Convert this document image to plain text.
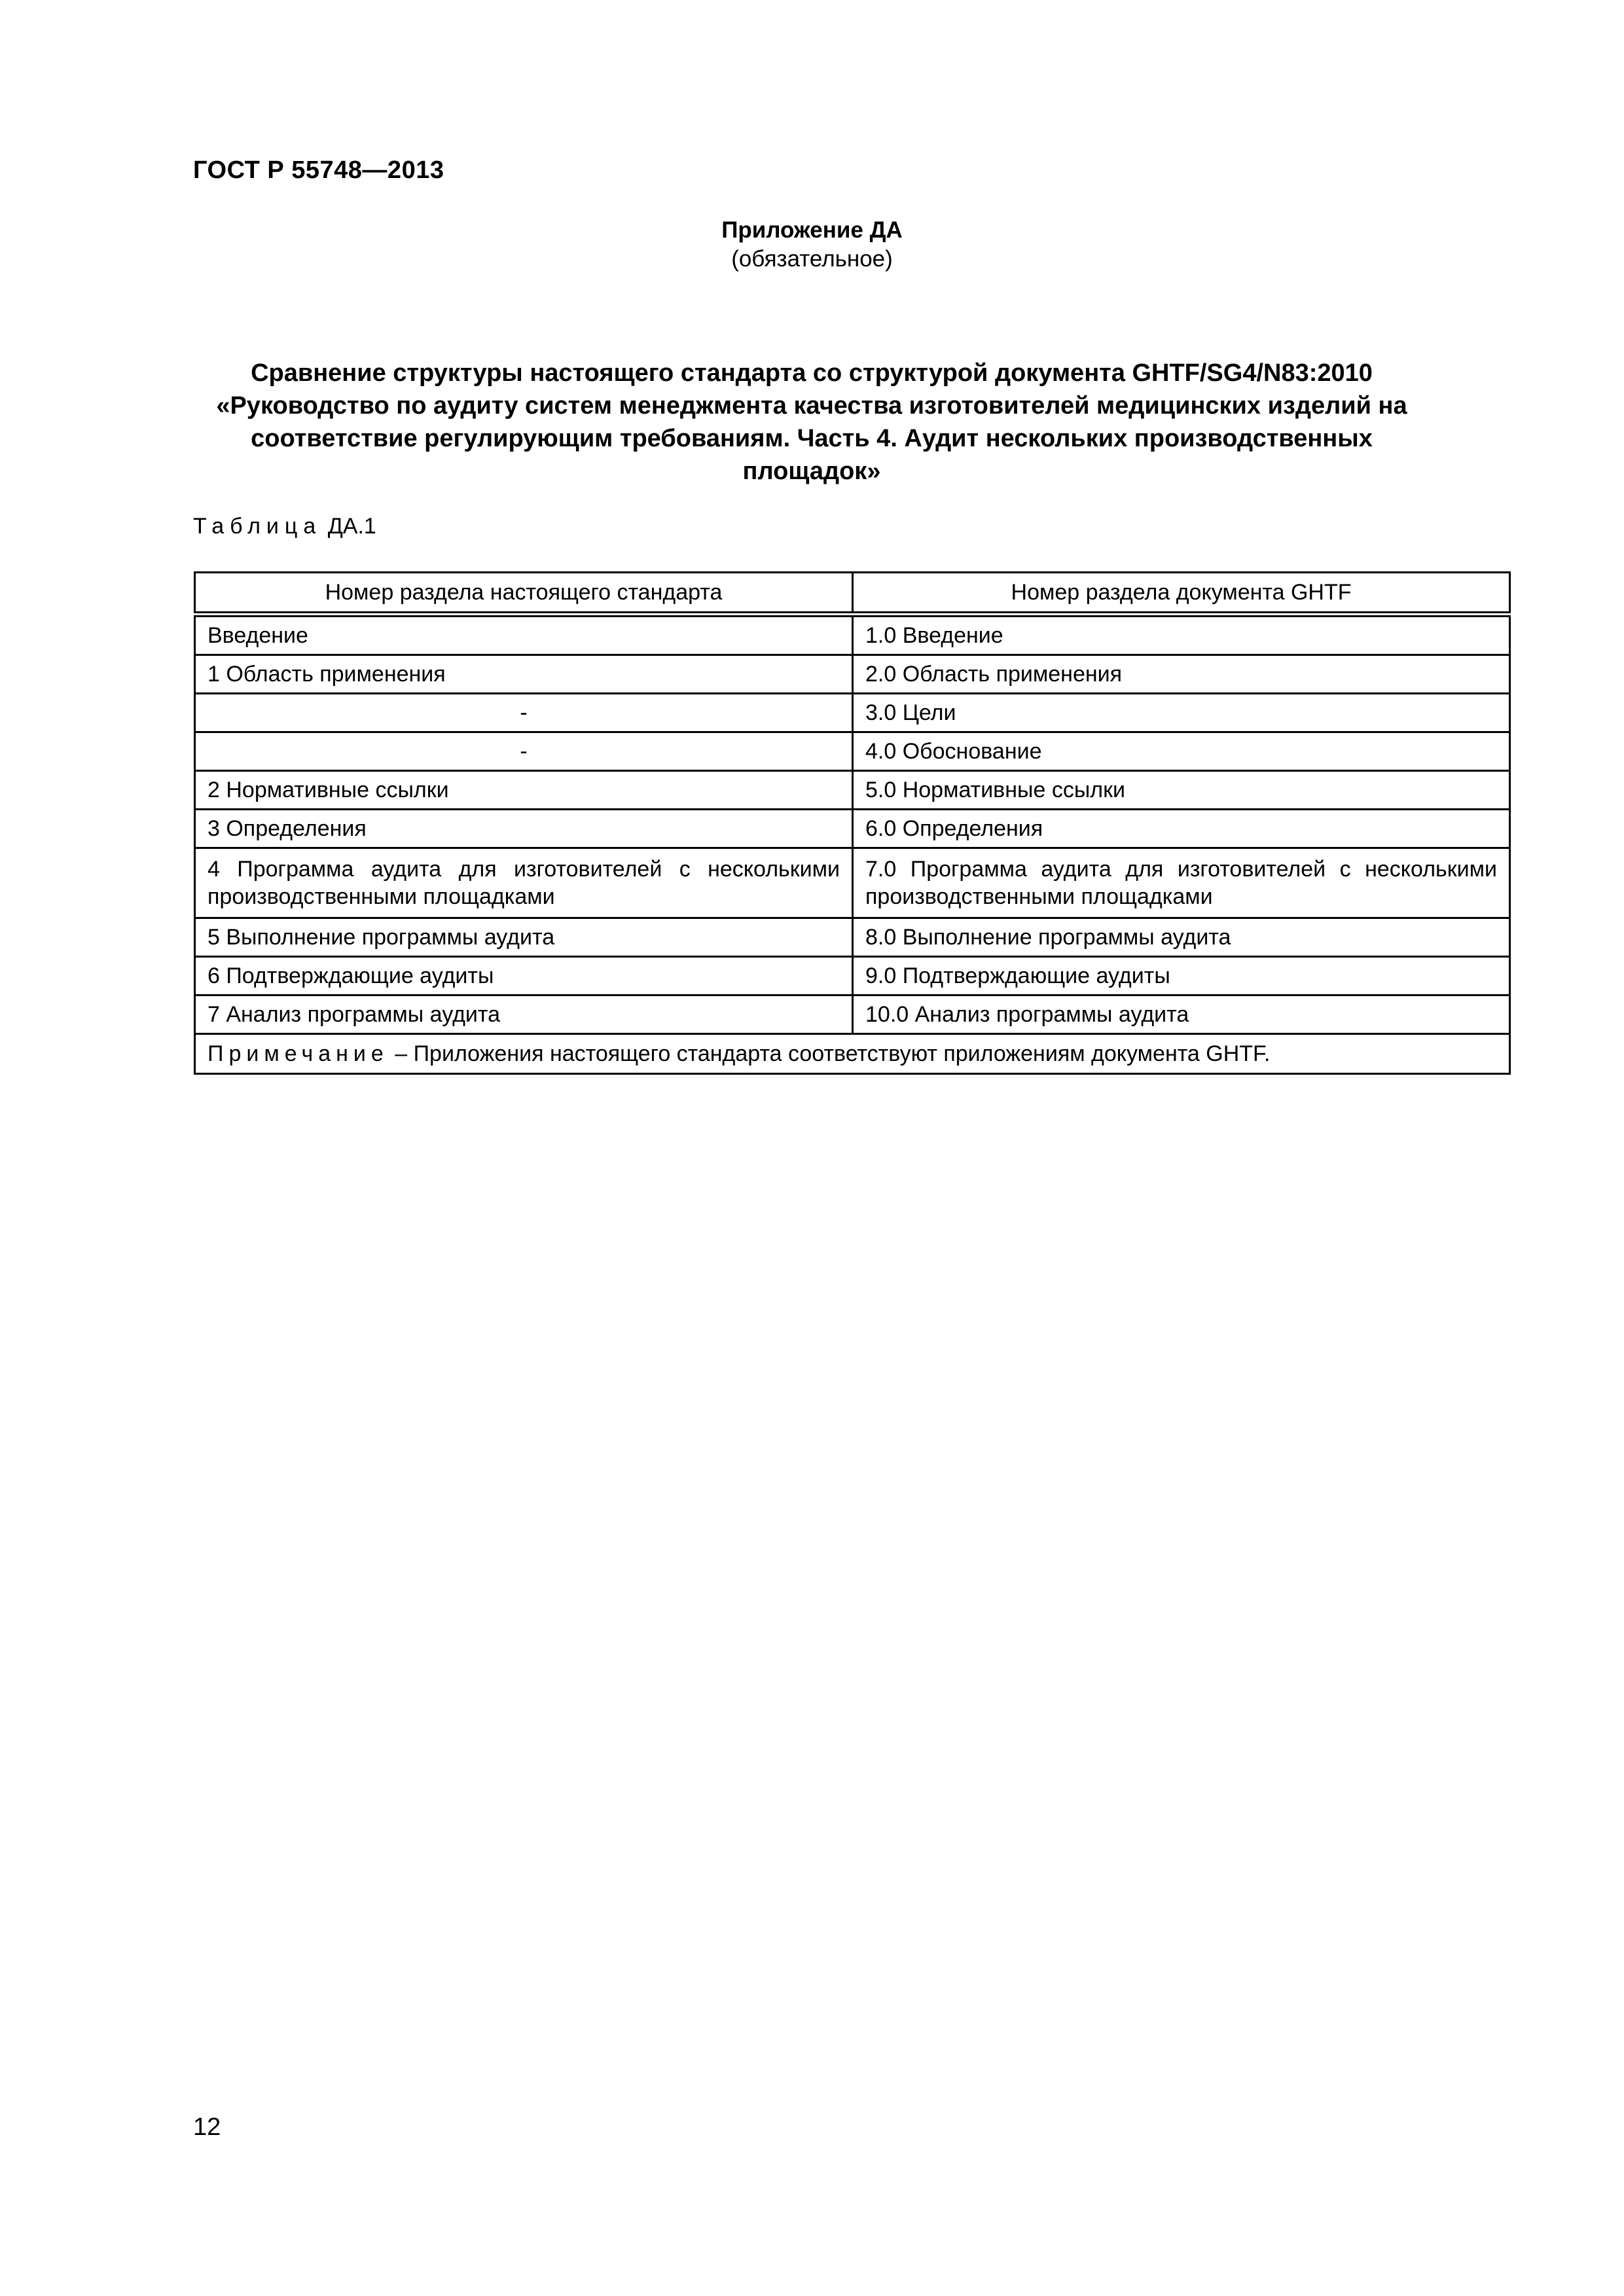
ГОСТ Р 55748—2013
Приложение ДА
(обязательное)
Сравнение структуры настоящего стандарта со структурой документа GHTF/SG4/N83:2010
«Руководство по аудиту систем менеджмента качества изготовителей медицинских изделий на
соответствие регулирующим требованиям. Часть 4. Аудит нескольких производственных
площадок»
Таблица ДА.1
Номер раздела настоящего стандарта	Номер раздела документа GHTF
Введение	1.0 Введение
1 Область применения	2.0 Область применения
-	3.0 Цели
-	4.0 Обоснование
2 Нормативные ссылки	5.0 Нормативные ссылки
3 Определения	6.0 Определения
4 Программа аудита для изготовителей с несколькими производственными площадками	7.0 Программа аудита для изготовителей с несколькими производственными площадками
5 Выполнение программы аудита	8.0 Выполнение программы аудита
6 Подтверждающие аудиты	9.0 Подтверждающие аудиты
7 Анализ программы аудита	10.0 Анализ программы аудита
Примечание – Приложения настоящего стандарта соответствуют приложениям документа GHTF.	
12
